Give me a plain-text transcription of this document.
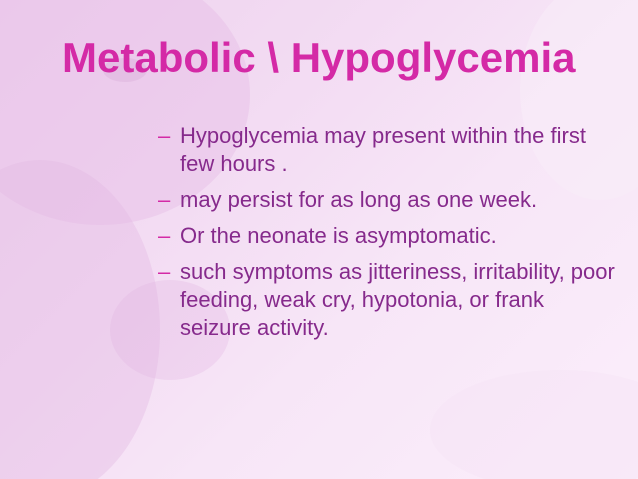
Metabolic \ Hypoglycemia
– Hypoglycemia may present within the first few hours .
– may persist for as long as one week.
– Or the neonate is asymptomatic.
– such symptoms as jitteriness, irritability, poor feeding, weak cry, hypotonia, or frank seizure activity.
